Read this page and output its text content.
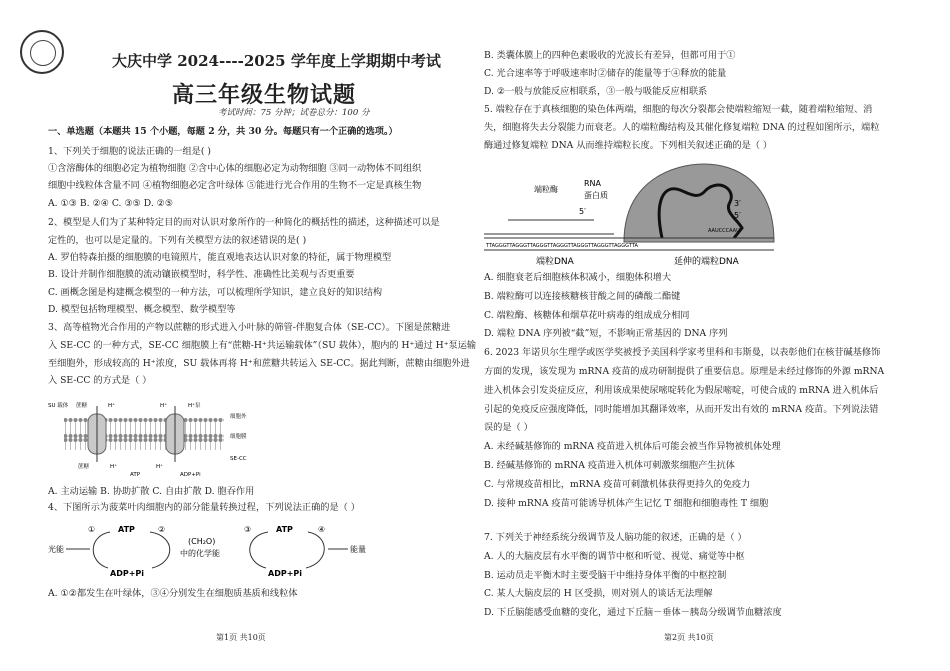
大庆中学 2024----2025 学年度上学期期中考试
高三年级生物试题
考试时间：75 分钟；试卷总分：100 分
一、单选题（本题共 15 个小题，每题 2 分，共 30 分。每题只有一个正确的选项。）
1、下列关于细胞的说法正确的一组是( )
①含溶酶体的细胞必定为植物细胞 ②含中心体的细胞必定为动物细胞 ③同一动物体不同组织
细胞中线粒体含量不同 ④植物细胞必定含叶绿体 ⑤能进行光合作用的生物不一定是真核生物
A. ①③ B. ②④ C. ③⑤ D. ②⑤
2、模型是人们为了某种特定目的而对认识对象所作的一种简化的概括性的描述，这种描述可以是
定性的，也可以是定量的。下列有关模型方法的叙述错误的是( )
A. 罗伯特森拍摄的细胞膜的电镜照片，能直观地表达认识对象的特征，属于物理模型
B. 设计并制作细胞膜的流动镶嵌模型时，科学性、准确性比美观与否更重要
C. 画概念图是构建概念模型的一种方法，可以梳理所学知识，建立良好的知识结构
D. 模型包括物理模型、概念模型、数学模型等
3、高等植物光合作用的产物以蔗糖的形式进入小叶脉的筛管-伴胞复合体（SE-CC）。下图是蔗糖进
入 SE-CC 的一种方式，SE-CC 细胞膜上有“蔗糖-H⁺共运输载体”（SU 载体），胞内的 H⁺通过 H⁺泵运输
至细胞外，形成较高的 H⁺浓度，SU 载体再将 H⁺和蔗糖共转运入 SE-CC。据此判断，蔗糖由细胞外进
入 SE-CC 的方式是（ ）
SU 载体 蔗糖	H⁺	H⁺	H⁺泵
细胞外
细胞膜
SE-CC
蔗糖	H⁺	H⁺
ATP	ADP+Pi
A. 主动运输 B. 协助扩散 C. 自由扩散 D. 胞吞作用
4、下图所示为菠菜叶肉细胞内的部分能量转换过程，下列说法正确的是（ ）
光能
ATP
ADP+Pi
ATP
ADP+Pi
(CH₂O)
中的化学能	能量
①	②	③	④
A. ①②都发生在叶绿体，③④分别发生在细胞质基质和线粒体
第1页 共10页
B. 类囊体膜上的四种色素吸收的光波长有差异，但都可用于①
C. 光合速率等于呼吸速率时②储存的能量等于④释放的能量
D. ②一般与放能反应相联系，③一般与吸能反应相联系
5. 端粒存在于真核细胞的染色体两端，细胞的每次分裂都会使端粒缩短一截，随着端粒缩短、消
失，细胞将失去分裂能力而衰老。人的端粒酶结构及其催化修复端粒 DNA 的过程如图所示，端粒
酶通过修复端粒 DNA 从而维持端粒长度。下列相关叙述正确的是（ ）
5′
端粒酶
RNA
蛋白质
3′
5′
AAUCCCAAU
TTAGGGTTAGGGTTAGGGTTAGGGTTAGGGTTAGGGTTAGGGTTA
端粒DNA	延伸的端粒DNA
A. 细胞衰老后细胞核体积减小，细胞体积增大
B. 端粒酶可以连接核糖核苷酸之间的磷酸二酯键
C. 端粒酶、核糖体和烟草花叶病毒的组成成分相同
D. 端粒 DNA 序列被“截”短，不影响正常基因的 DNA 序列
6. 2023 年诺贝尔生理学或医学奖被授予美国科学家考里科和韦斯曼，以表彰他们在核苷碱基修饰
方面的发现，该发现为 mRNA 疫苗的成功研制提供了重要信息。原理是未经过修饰的外源 mRNA
进入机体会引发炎症反应，利用该成果使尿嘧啶转化为假尿嘧啶，可使合成的 mRNA 进入机体后
引起的免疫反应强度降低，同时能增加其翻译效率，从而开发出有效的 mRNA 疫苗。下列说法错
误的是（ ）
A. 未经碱基修饰的 mRNA 疫苗进入机体后可能会被当作异物被机体处理
B. 经碱基修饰的 mRNA 疫苗进入机体可刺激浆细胞产生抗体
C. 与常规疫苗相比，mRNA 疫苗可刺激机体获得更持久的免疫力
D. 接种 mRNA 疫苗可能诱导机体产生记忆 T 细胞和细胞毒性 T 细胞
7. 下列关于神经系统分级调节及人脑功能的叙述，正确的是（ ）
A. 人的大脑皮层有水平衡的调节中枢和听觉、视觉、痛觉等中枢
B. 运动员走平衡木时主要受脑干中维持身体平衡的中枢控制
C. 某人大脑皮层的 H 区受损，则对别人的谈话无法理解
D. 下丘脑能感受血糖的变化，通过下丘脑－垂体－胰岛分级调节血糖浓度
第2页 共10页
